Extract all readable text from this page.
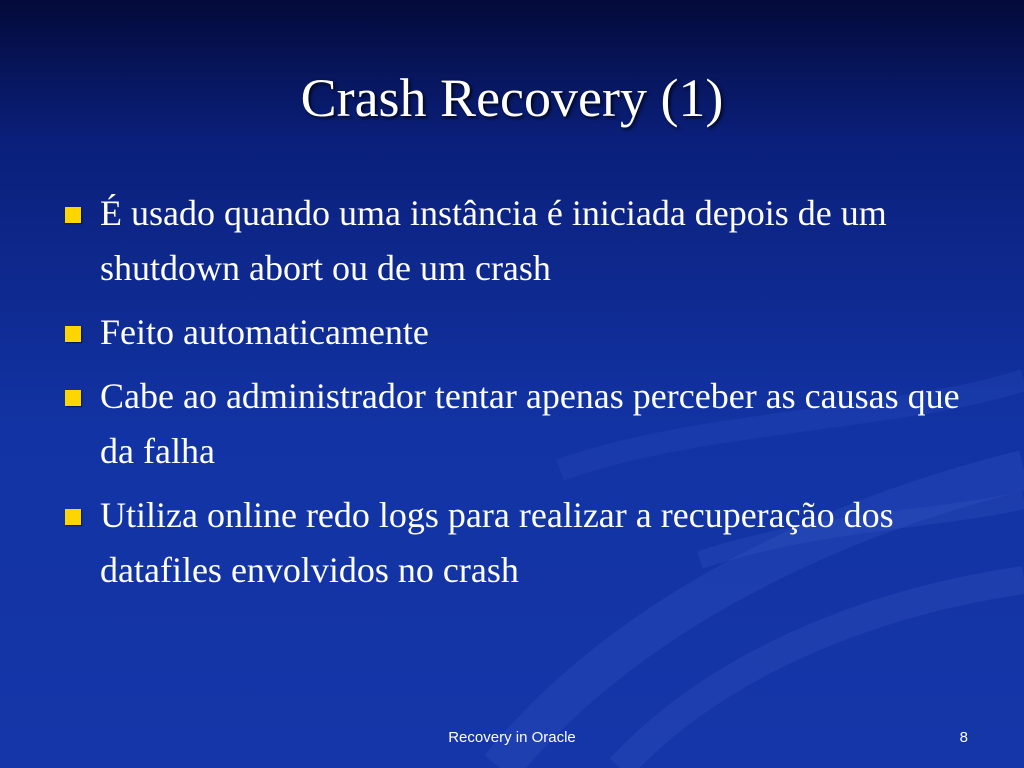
Crash Recovery (1)
É usado quando uma instância é iniciada depois de um shutdown abort ou de um crash
Feito automaticamente
Cabe ao administrador tentar apenas perceber as causas que da falha
Utiliza online redo logs para realizar a recuperação dos datafiles envolvidos no crash
Recovery in Oracle	8
